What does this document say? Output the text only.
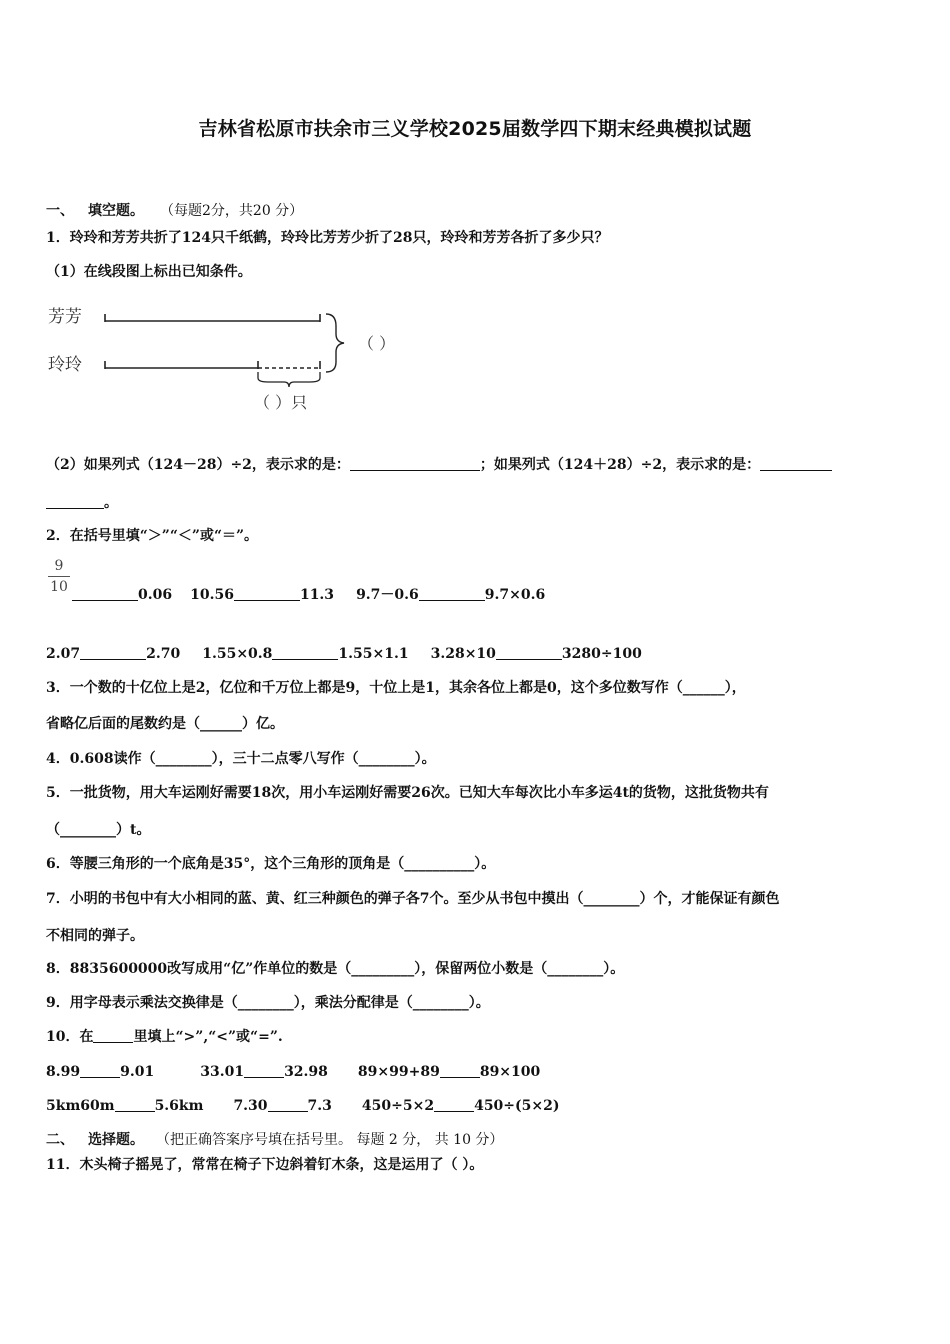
吉林省松原市扶余市三义学校2025届数学四下期末经典模拟试题
一、 填空题。 （每题2分，共20 分）
1．玲玲和芳芳共折了124只千纸鹤，玲玲比芳芳少折了28只，玲玲和芳芳各折了多少只？
（1）在线段图上标出已知条件。
芳芳
玲玲
（ ）
（ ）只
（2）如果列式（124－28）÷2，表示求的是：	；如果列式（124＋28）÷2，表示求的是：
。
2．在括号里填“＞”“＜”或“＝”。
9
10	0.06 10.56	11.3 9.7－0.6	9.7×0.6
2.07	2.70 1.55×0.8	1.55×1.1 3.28×10	3280÷100
3．一个数的十亿位上是2，亿位和千万位上都是9，十位上是1，其余各位上都是0，这个多位数写作（______），
省略亿后面的尾数约是（______）亿。
4．0.608读作（________），三十二点零八写作（________）。
5．一批货物，用大车运刚好需要18次，用小车运刚好需要26次。已知大车每次比小车多运4t的货物，这批货物共有
（________）t。
6．等腰三角形的一个底角是35°，这个三角形的顶角是（__________）。
7．小明的书包中有大小相同的蓝、黄、红三种颜色的弹子各7个。至少从书包中摸出（________）个，才能保证有颜色
不相同的弹子。
8．8835600000改写成用“亿”作单位的数是（_________），保留两位小数是（________）。
9．用字母表示乘法交换律是（________），乘法分配律是（________）。
10．在	里填上“>”,“<”或“=”.
8.99	9.01	33.01	32.98 89×99+89	89×100
5km60m	5.6km 7.30	7.3 450÷5×2	450÷(5×2)
二、 选择题。 （把正确答案序号填在括号里。 每题 2 分， 共 10 分）
11．木头椅子摇晃了，常常在椅子下边斜着钉木条，这是运用了（ ）。
